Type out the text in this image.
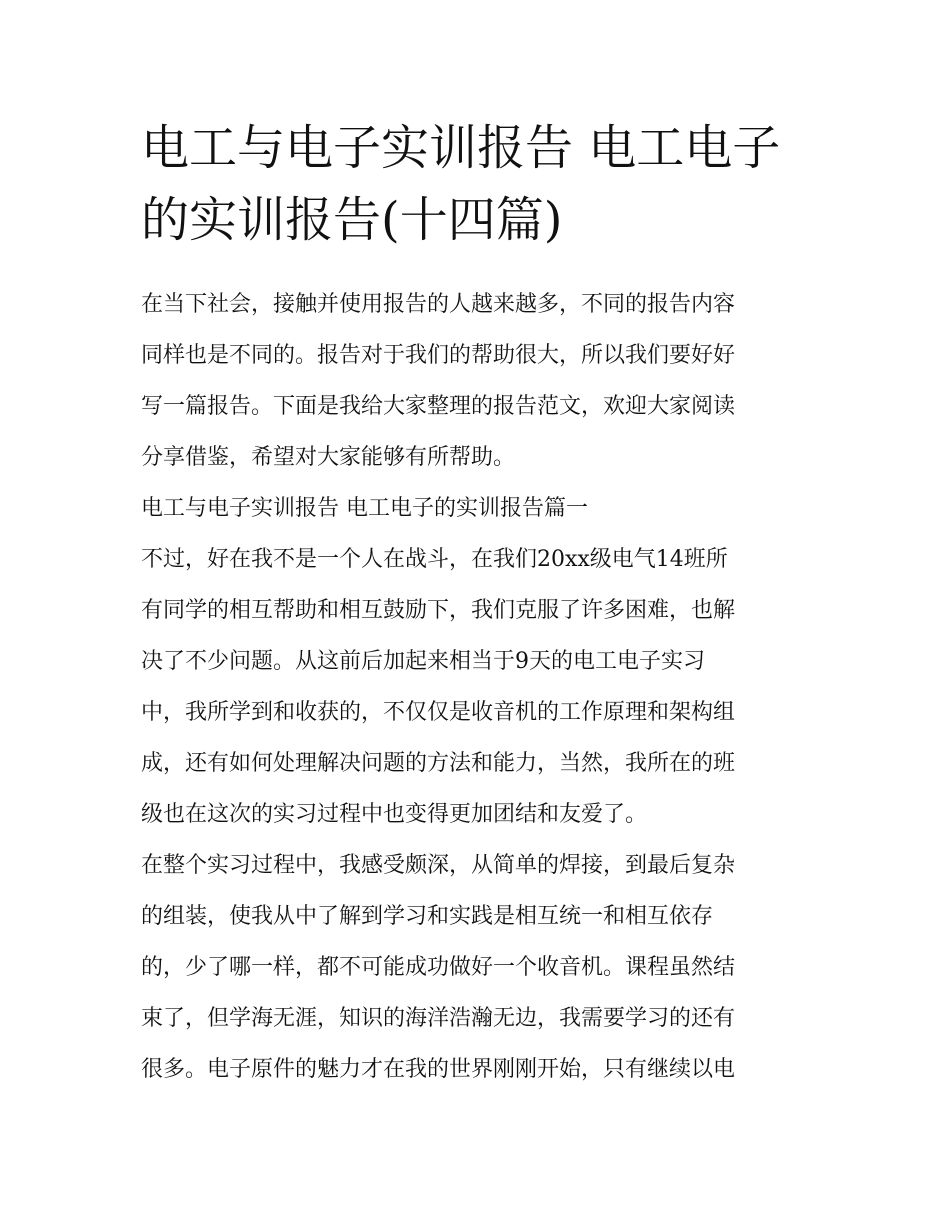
电工与电子实训报告 电工电子
的实训报告(十四篇)

在当下社会，接触并使用报告的人越来越多，不同的报告内容
同样也是不同的。报告对于我们的帮助很大，所以我们要好好
写一篇报告。下面是我给大家整理的报告范文，欢迎大家阅读
分享借鉴，希望对大家能够有所帮助。

电工与电子实训报告 电工电子的实训报告篇一

不过，好在我不是一个人在战斗，在我们20xx级电气14班所
有同学的相互帮助和相互鼓励下，我们克服了许多困难，也解
决了不少问题。从这前后加起来相当于9天的电工电子实习
中，我所学到和收获的，不仅仅是收音机的工作原理和架构组
成，还有如何处理解决问题的方法和能力，当然，我所在的班
级也在这次的实习过程中也变得更加团结和友爱了。

在整个实习过程中，我感受颇深，从简单的焊接，到最后复杂
的组装，使我从中了解到学习和实践是相互统一和相互依存
的，少了哪一样，都不可能成功做好一个收音机。课程虽然结
束了，但学海无涯，知识的海洋浩瀚无边，我需要学习的还有
很多。电子原件的魅力才在我的世界刚刚开始，只有继续以电
